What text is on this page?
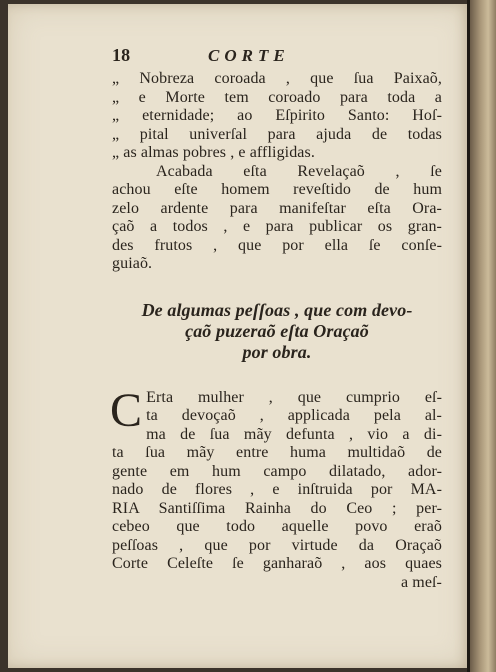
18	CORTE
„ Nobreza coroada , que ſua Paixaõ,
„ e Morte tem coroado para toda a
„ eternidade; ao Eſpirito Santo: Hoſ-
„ pital univerſal para ajuda de todas
„ as almas pobres , e affligidas.
Acabada eſta Revelaçaõ , ſe
achou eſte homem reveſtido de hum
zelo ardente para manifeſtar eſta Ora-
çaõ a todos , e para publicar os gran-
des frutos , que por ella ſe conſe-
guiaõ.
De algumas peſſoas , que com devo-
çaõ puzeraõ eſta Oraçaõ
por obra.
C Erta mulher , que cumprio eſ-
ta devoçaõ , applicada pela al-
ma de ſua mãy defunta , vio a di-
ta ſua mãy entre huma multidaõ de
gente em hum campo dilatado, ador-
nado de flores , e inſtruida por MA-
RIA Santiſſima Rainha do Ceo ; per-
cebeo que todo aquelle povo eraõ
peſſoas , que por virtude da Oraçaõ
Corte Celeſte ſe ganharaõ , aos quaes
a meſ-
